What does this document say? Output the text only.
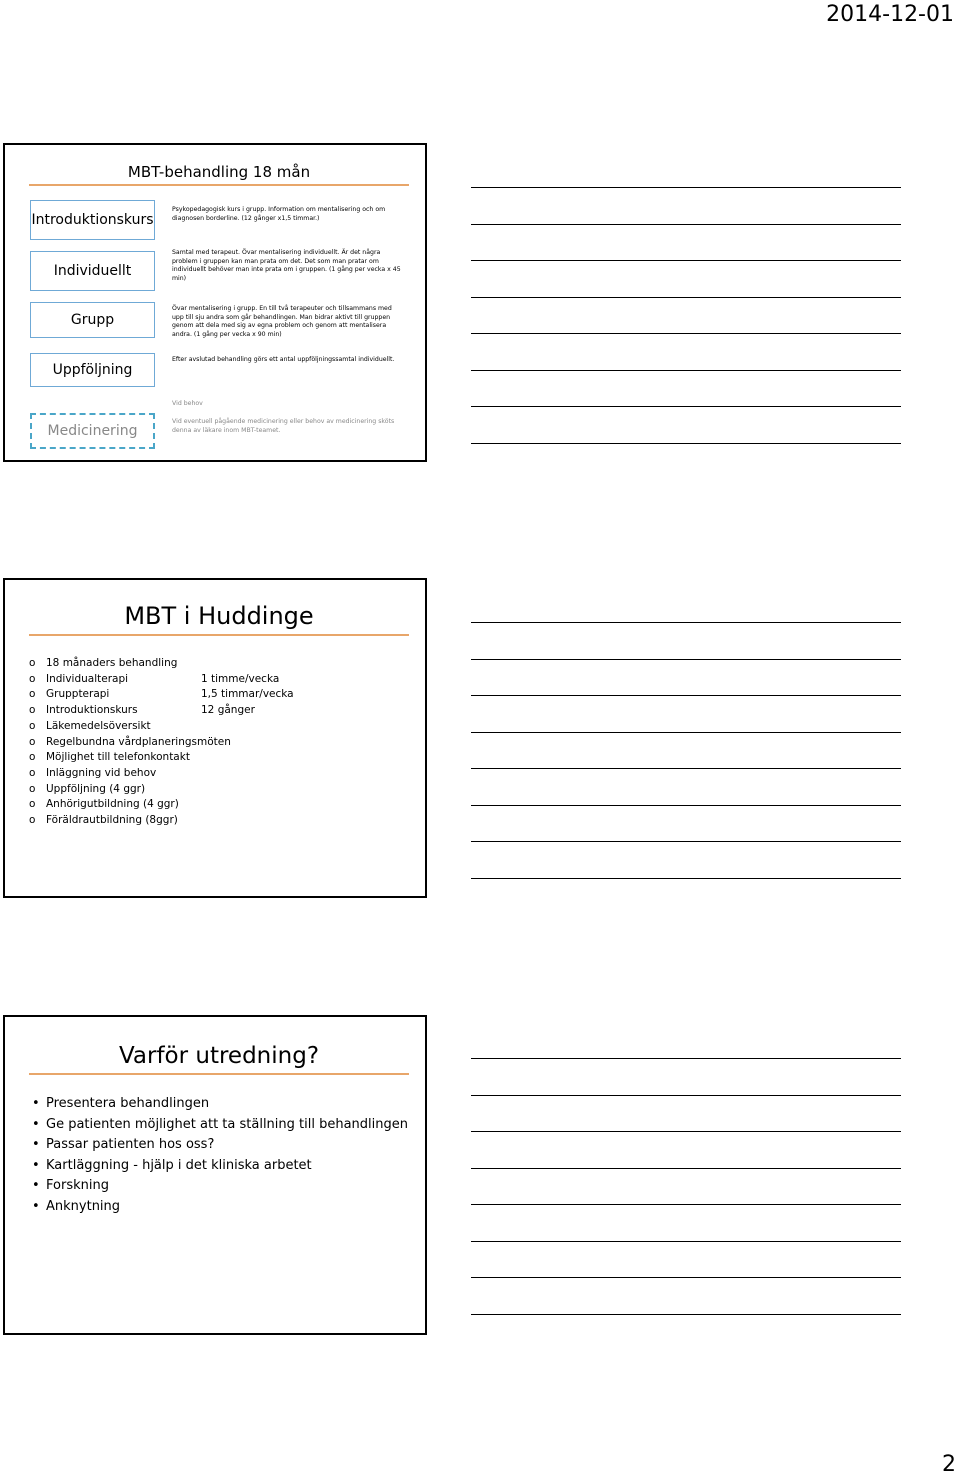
2014-12-01
MBT-behandling 18 mån
Introduktionskurs
Psykopedagogisk kurs i grupp. Information om mentalisering och om diagnosen borderline. (12 gånger x1,5 timmar.)
Individuellt
Samtal med terapeut. Övar mentalisering individuellt. Är det några problem i gruppen kan man prata om det. Det som man pratar om individuellt behöver man inte prata om i gruppen. (1 gång per vecka x 45 min)
Grupp
Övar mentalisering i grupp. En till två terapeuter och tillsammans med upp till sju andra som går behandlingen. Man bidrar aktivt till gruppen genom att dela med sig av egna problem och genom att mentalisera andra. (1 gång per vecka x 90 min)
Uppföljning
Efter avslutad behandling görs ett antal uppföljningssamtal individuellt.
Medicinering
Vid behov
Vid eventuell pågående medicinering eller behov av medicinering sköts denna av läkare inom MBT-teamet.
MBT i Huddinge
o 18 månaders behandling
o Individualterapi	1 timme/vecka
o Gruppterapi	1,5 timmar/vecka
o Introduktionskurs	12 gånger
o Läkemedelsöversikt
o Regelbundna vårdplaneringsmöten
o Möjlighet till telefonkontakt
o Inläggning vid behov
o Uppföljning (4 ggr)
o Anhörigutbildning (4 ggr)
o Föräldrautbildning (8ggr)
Varför utredning?
• Presentera behandlingen
• Ge patienten möjlighet att ta ställning till behandlingen
• Passar patienten hos oss?
• Kartläggning - hjälp i det kliniska arbetet
• Forskning
• Anknytning
2
